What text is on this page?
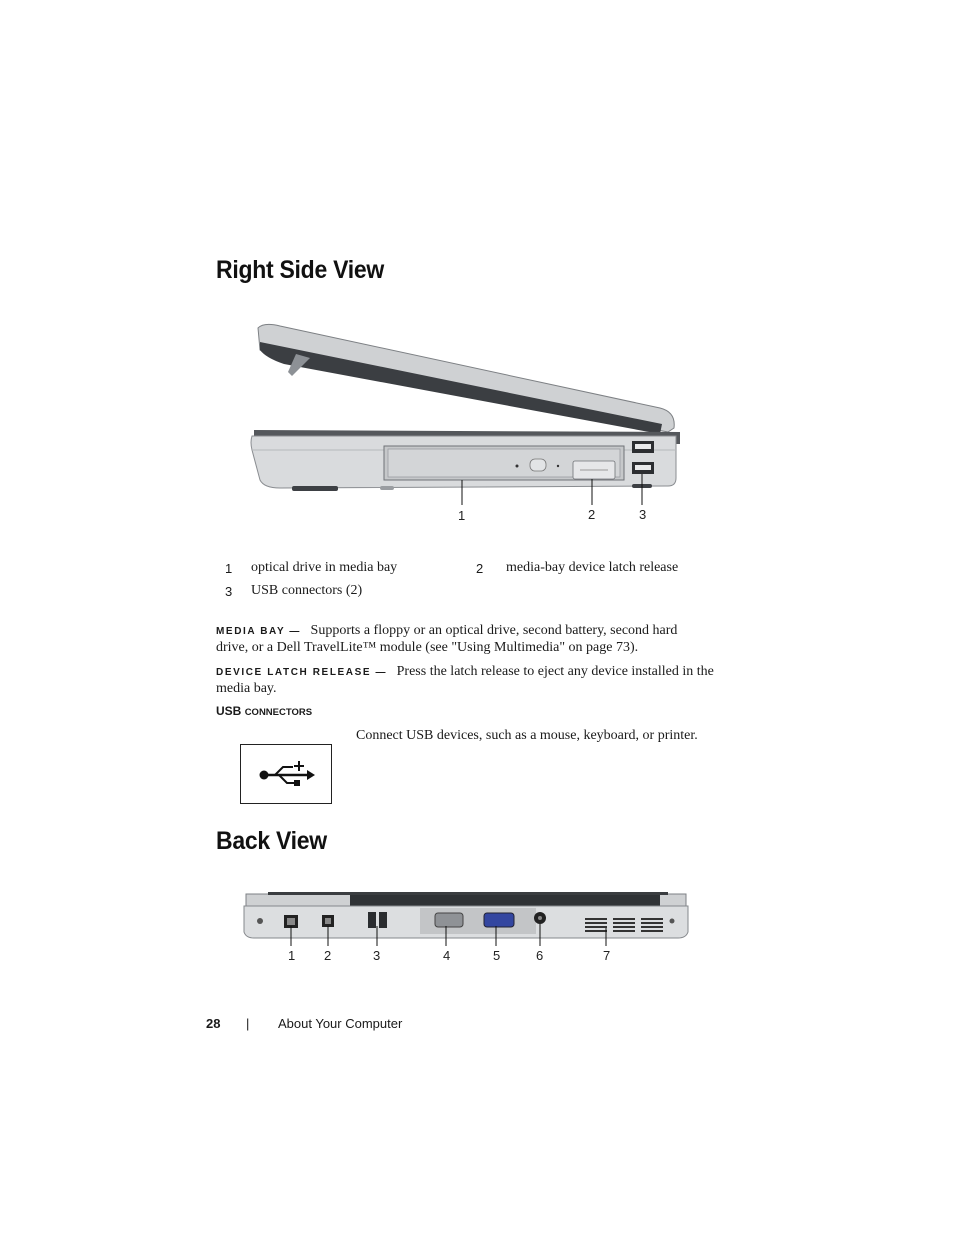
Right Side View
1	2	3
1 optical drive in media bay	2 media-bay device latch release
3 USB connectors (2)
MEDIA BAY — Supports a floppy or an optical drive, second battery, second hard
drive, or a Dell TravelLite™ module (see "Using Multimedia" on page 73).
DEVICE LATCH RELEASE — Press the latch release to eject any device installed in the
media bay.
USB CONNECTORS
Connect USB devices, such as a mouse, keyboard, or printer.
Back View
1 2	3	4	5	6	7
28 | About Your Computer
